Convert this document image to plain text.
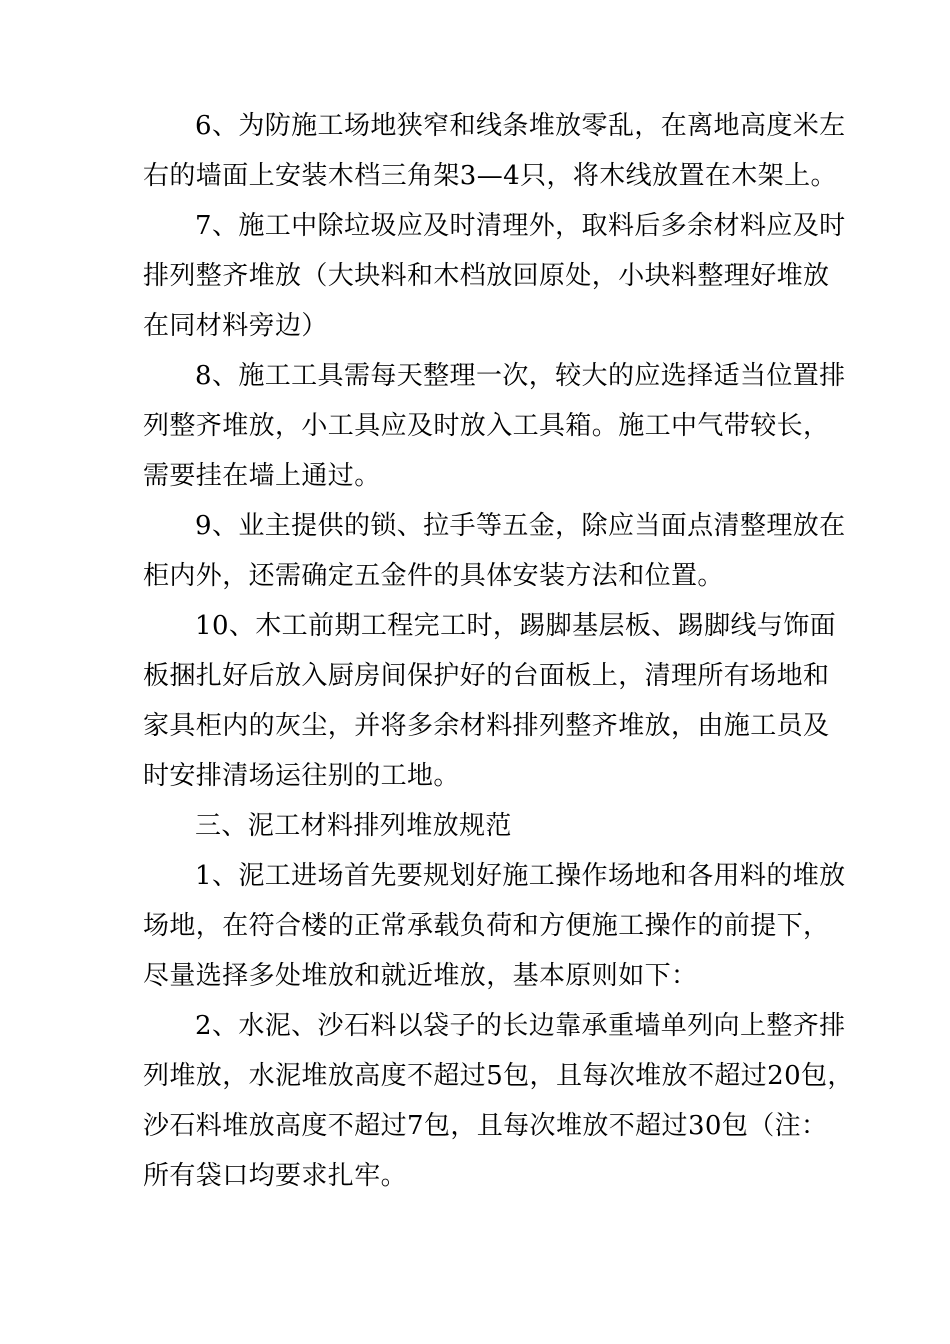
6、为防施工场地狭窄和线条堆放零乱，在离地高度米左
右的墙面上安装木档三角架3—4只，将木线放置在木架上。
7、施工中除垃圾应及时清理外，取料后多余材料应及时
排列整齐堆放（大块料和木档放回原处，小块料整理好堆放
在同材料旁边）
8、施工工具需每天整理一次，较大的应选择适当位置排
列整齐堆放，小工具应及时放入工具箱。施工中气带较长，
需要挂在墙上通过。
9、业主提供的锁、拉手等五金，除应当面点清整理放在
柜内外，还需确定五金件的具体安装方法和位置。
10、木工前期工程完工时，踢脚基层板、踢脚线与饰面
板捆扎好后放入厨房间保护好的台面板上，清理所有场地和
家具柜内的灰尘，并将多余材料排列整齐堆放，由施工员及
时安排清场运往别的工地。
三、泥工材料排列堆放规范
1、泥工进场首先要规划好施工操作场地和各用料的堆放
场地，在符合楼的正常承载负荷和方便施工操作的前提下，
尽量选择多处堆放和就近堆放，基本原则如下：
2、水泥、沙石料以袋子的长边靠承重墙单列向上整齐排
列堆放，水泥堆放高度不超过5包，且每次堆放不超过20包，
沙石料堆放高度不超过7包，且每次堆放不超过30包（注：
所有袋口均要求扎牢。
